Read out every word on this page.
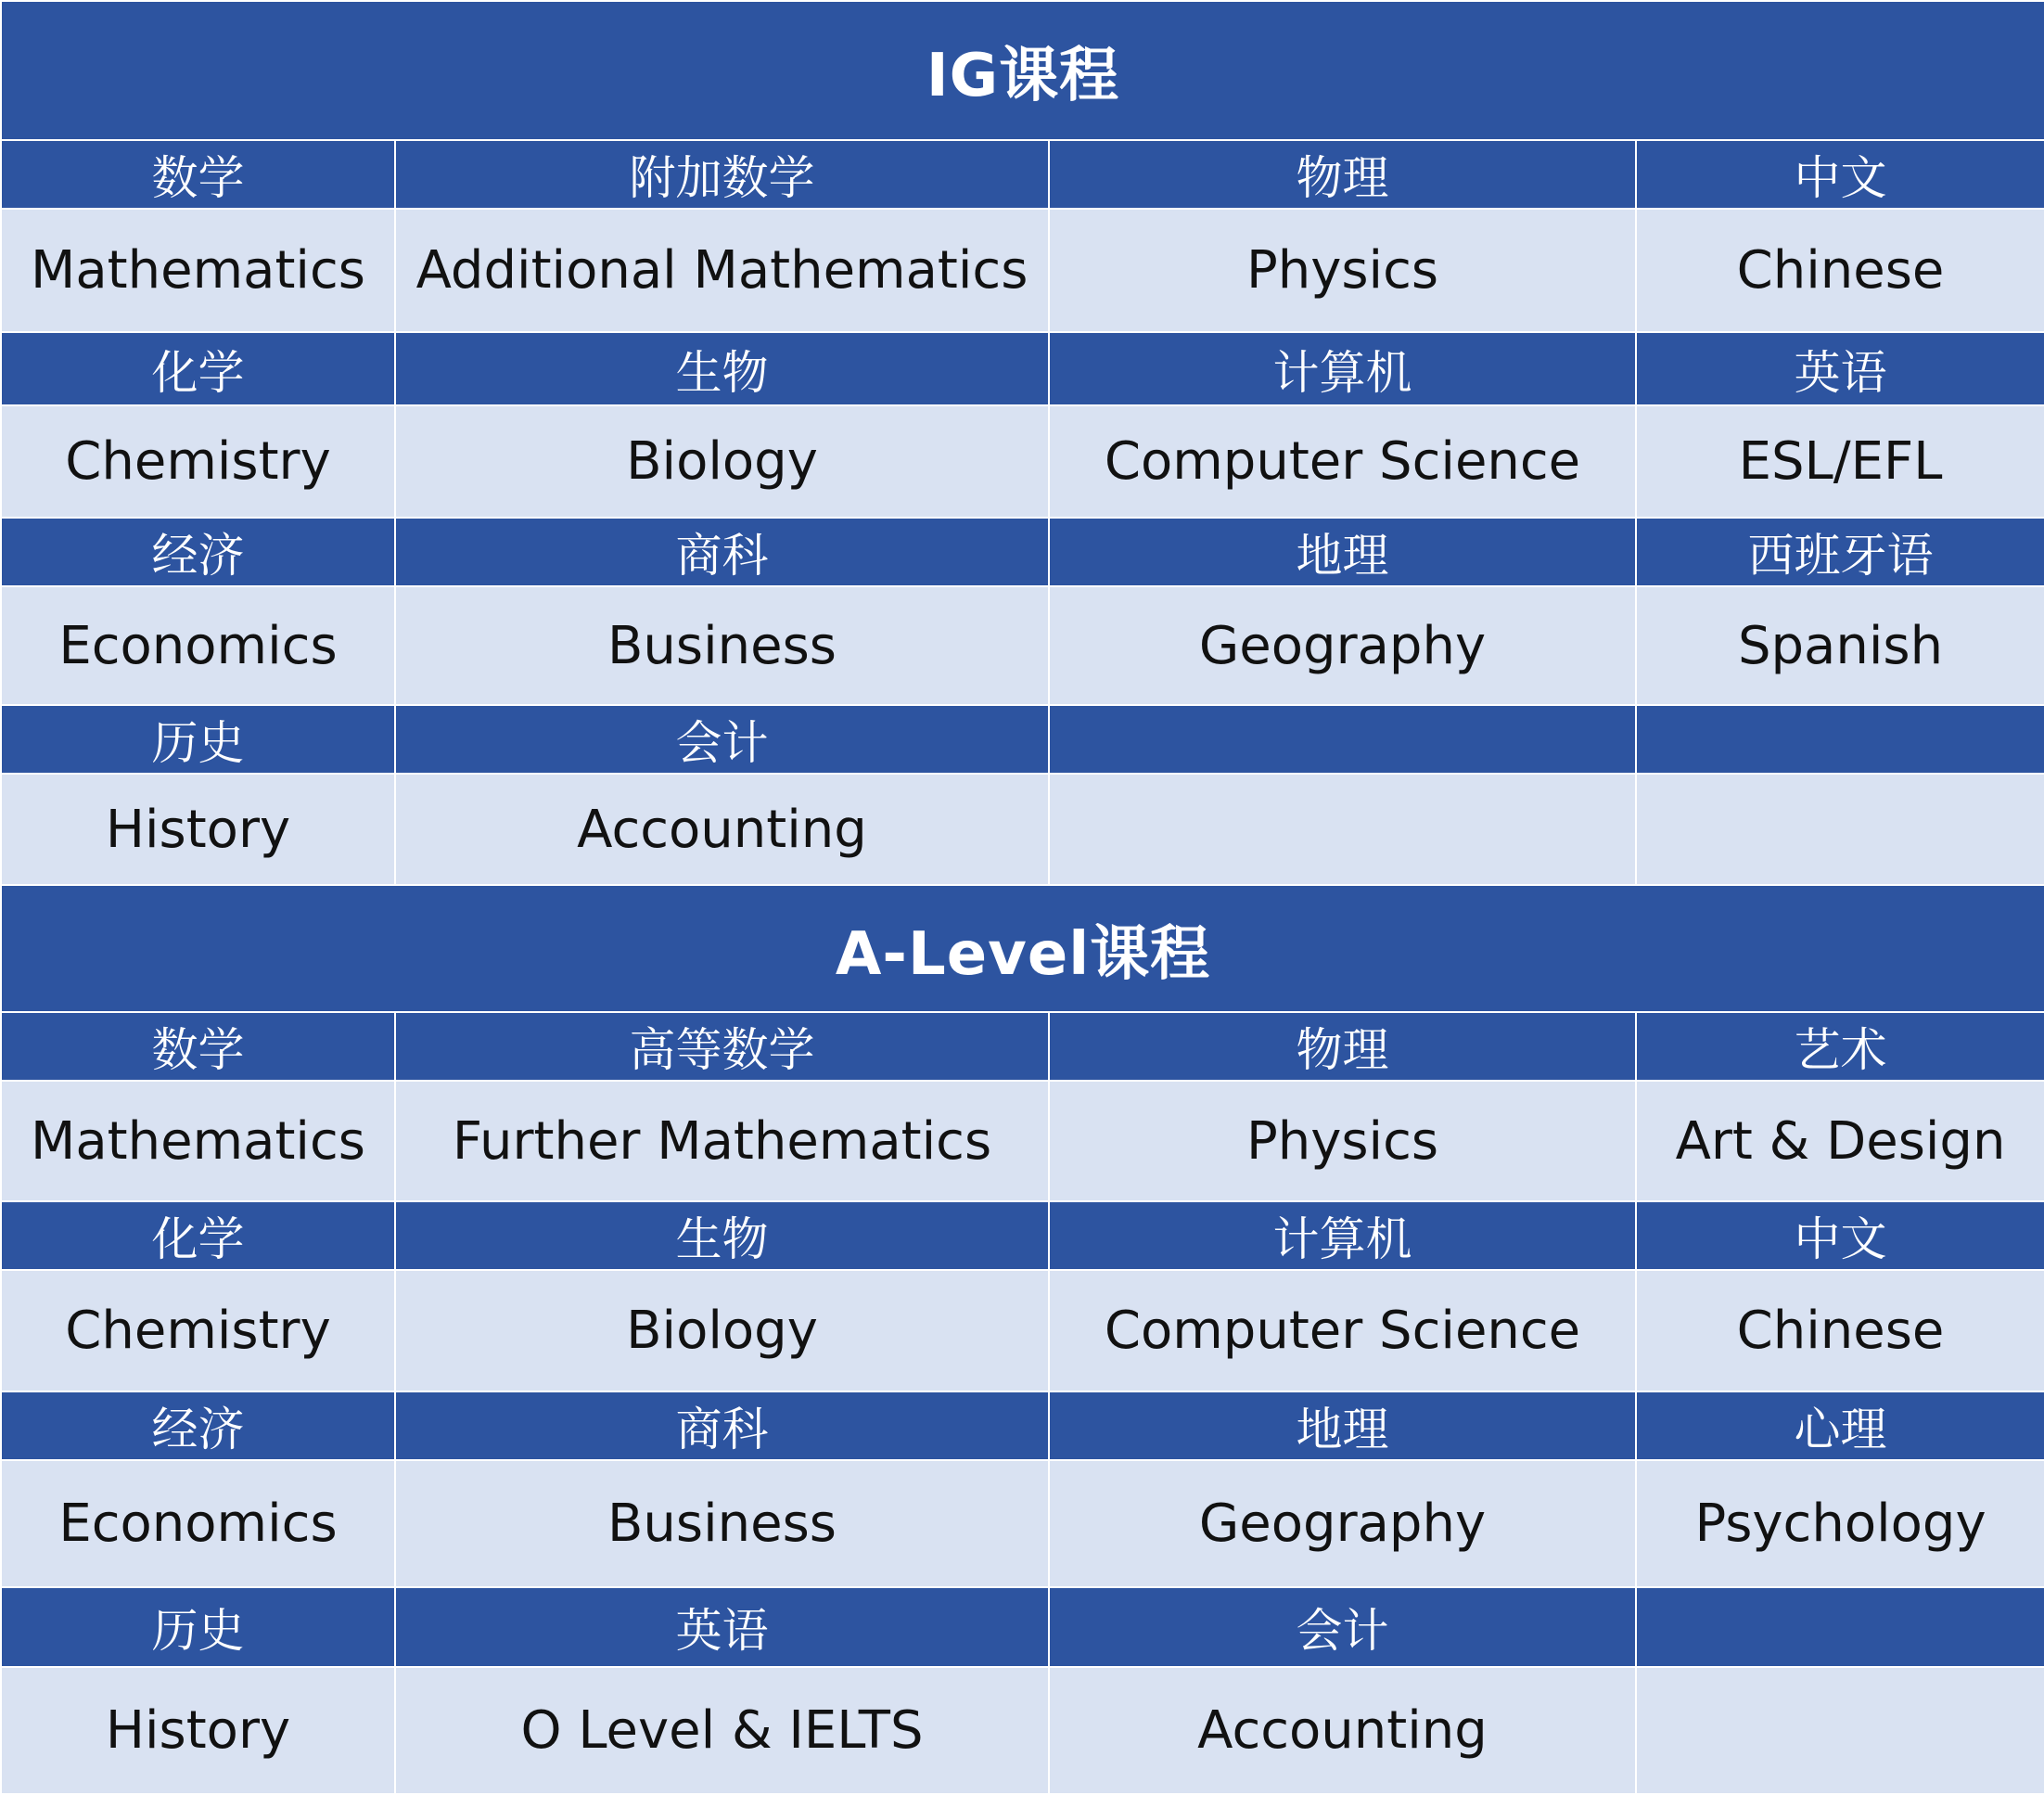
IG课程			
数学	附加数学	物理	中文
Mathematics	Additional Mathematics	Physics	Chinese
化学	生物	计算机	英语
Chemistry	Biology	Computer Science	ESL/EFL
经济	商科	地理	西班牙语
Economics	Business	Geography	Spanish
历史	会计		
History	Accounting		
A-Level课程			
数学	高等数学	物理	艺术
Mathematics	Further Mathematics	Physics	Art & Design
化学	生物	计算机	中文
Chemistry	Biology	Computer Science	Chinese
经济	商科	地理	心理
Economics	Business	Geography	Psychology
历史	英语	会计	
History	O Level & IELTS	Accounting	
